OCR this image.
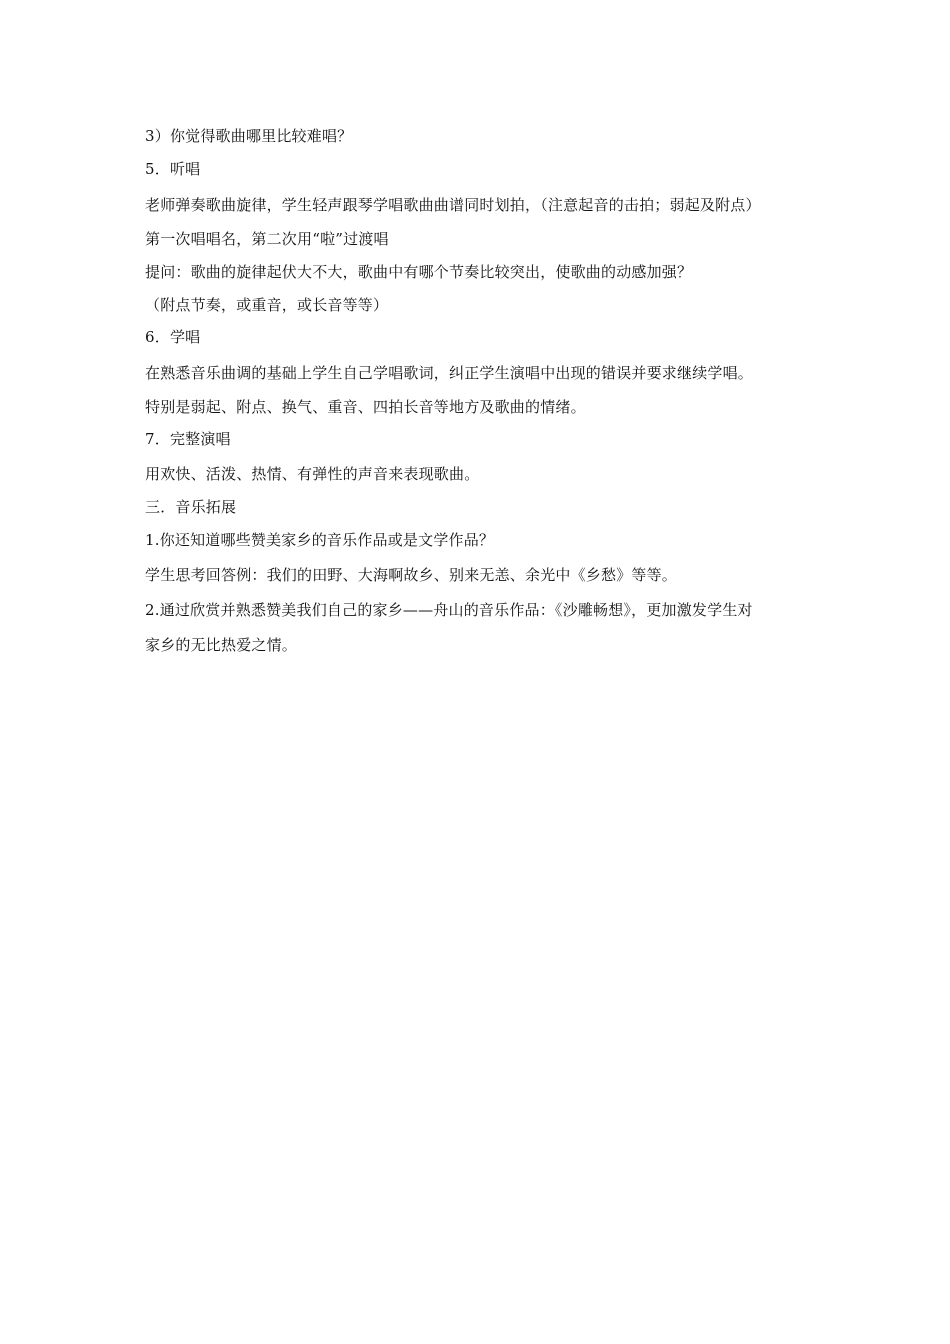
3）你觉得歌曲哪里比较难唱？
5．听唱
老师弹奏歌曲旋律，学生轻声跟琴学唱歌曲曲谱同时划拍，（注意起音的击拍；弱起及附点）
第一次唱唱名，第二次用“啦”过渡唱
提问：歌曲的旋律起伏大不大，歌曲中有哪个节奏比较突出，使歌曲的动感加强？
（附点节奏，或重音，或长音等等）
6．学唱
在熟悉音乐曲调的基础上学生自己学唱歌词，纠正学生演唱中出现的错误并要求继续学唱。
特别是弱起、附点、换气、重音、四拍长音等地方及歌曲的情绪。
7．完整演唱
用欢快、活泼、热情、有弹性的声音来表现歌曲。
三．音乐拓展
1.你还知道哪些赞美家乡的音乐作品或是文学作品？
学生思考回答例：我们的田野、大海啊故乡、别来无恙、余光中《乡愁》等等。
2.通过欣赏并熟悉赞美我们自己的家乡——舟山的音乐作品：《沙雕畅想》，更加激发学生对
家乡的无比热爱之情。
